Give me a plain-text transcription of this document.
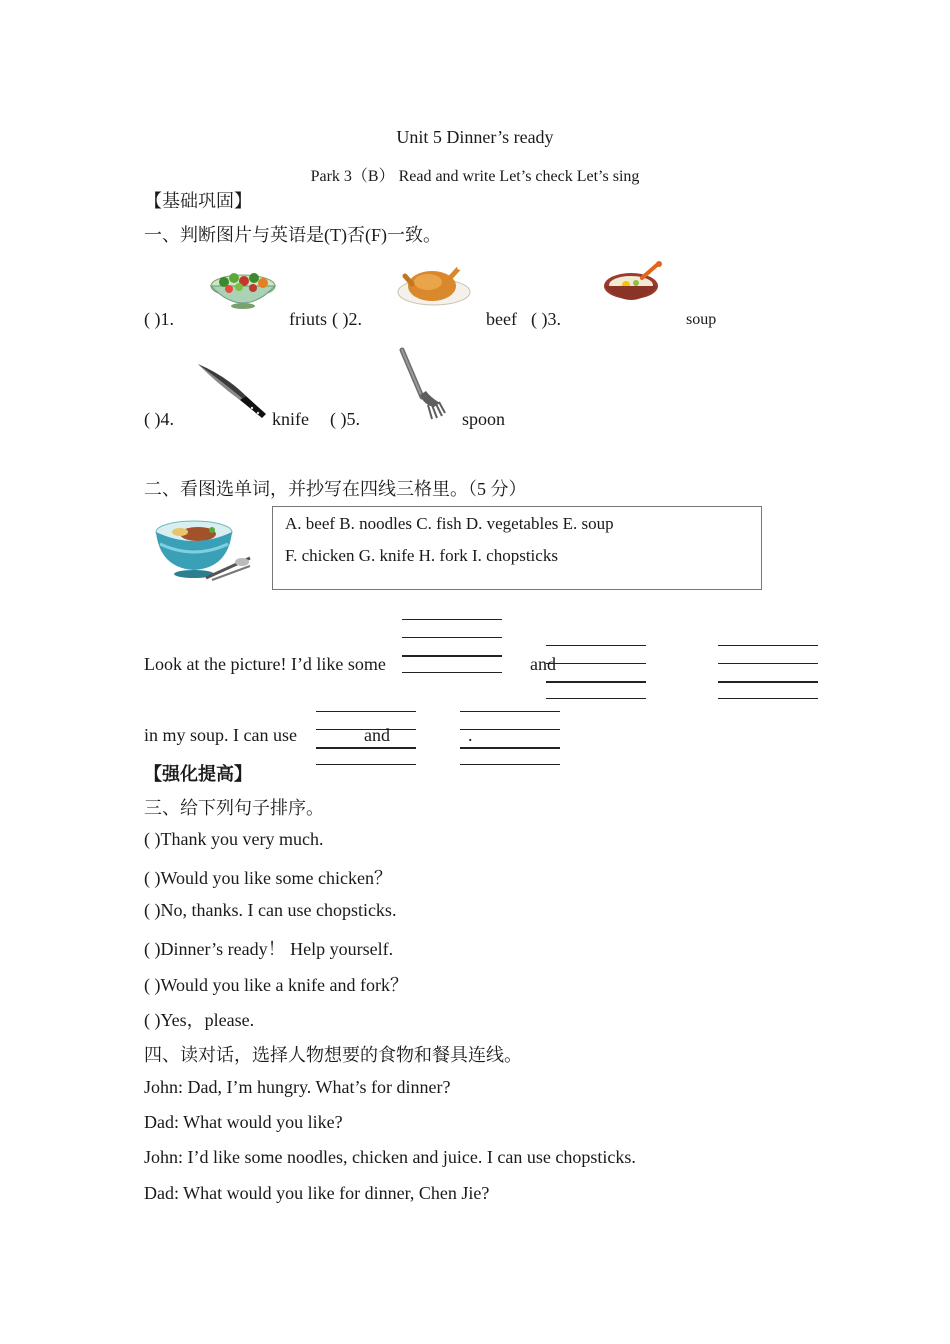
Unit 5 Dinner’s ready
Park 3（B） Read and write Let’s check Let’s sing
【基础巩固】
一、判断图片与英语是(T)否(F)一致。
( )1.	friuts ( )2.	beef ( )3.	soup
( )4.	knife ( )5.	spoon
二、看图选单词，并抄写在四线三格里。（5 分）
A. beef B. noodles C. fish D. vegetables E. soup
F. chicken G. knife H. fork I. chopsticks
Look at the picture! I’d like some	and
in my soup. I can use	and	.
【强化提高】
三、给下列句子排序。
( )Thank you very much.
( )Would you like some chicken？
( )No, thanks. I can use chopsticks.
( )Dinner’s ready！ Help yourself.
( )Would you like a knife and fork？
( )Yes，please.
四、读对话，选择人物想要的食物和餐具连线。
John: Dad, I’m hungry. What’s for dinner?
Dad: What would you like?
John: I’d like some noodles, chicken and juice. I can use chopsticks.
Dad: What would you like for dinner, Chen Jie?
